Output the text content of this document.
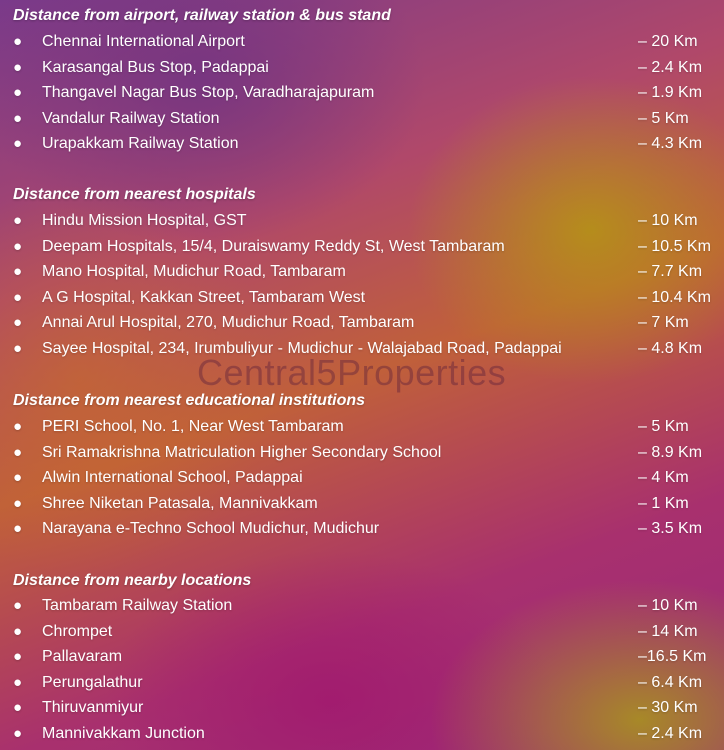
Central5Properties
Distance from airport, railway station & bus stand
● Chennai International Airport	– 20 Km
● Karasangal Bus Stop, Padappai	– 2.4 Km
● Thangavel Nagar Bus Stop, Varadharajapuram	– 1.9 Km
● Vandalur Railway Station	– 5 Km
● Urapakkam Railway Station	– 4.3 Km
Distance from nearest hospitals
● Hindu Mission Hospital, GST	– 10 Km
● Deepam Hospitals, 15/4, Duraiswamy Reddy St, West Tambaram	– 10.5 Km
● Mano Hospital, Mudichur Road, Tambaram	– 7.7 Km
● A G Hospital, Kakkan Street, Tambaram West	– 10.4 Km
● Annai Arul Hospital, 270, Mudichur Road, Tambaram	– 7 Km
● Sayee Hospital, 234, Irumbuliyur - Mudichur - Walajabad Road, Padappai	– 4.8 Km
Distance from nearest educational institutions
● PERI School, No. 1, Near West Tambaram	– 5 Km
● Sri Ramakrishna Matriculation Higher Secondary School	– 8.9 Km
● Alwin International School, Padappai	– 4 Km
● Shree Niketan Patasala, Mannivakkam	– 1 Km
● Narayana e-Techno School Mudichur, Mudichur	– 3.5 Km
Distance from nearby locations
● Tambaram Railway Station	– 10 Km
● Chrompet	– 14 Km
● Pallavaram	–16.5 Km
● Perungalathur	– 6.4 Km
● Thiruvanmiyur	– 30 Km
● Mannivakkam Junction	– 2.4 Km
